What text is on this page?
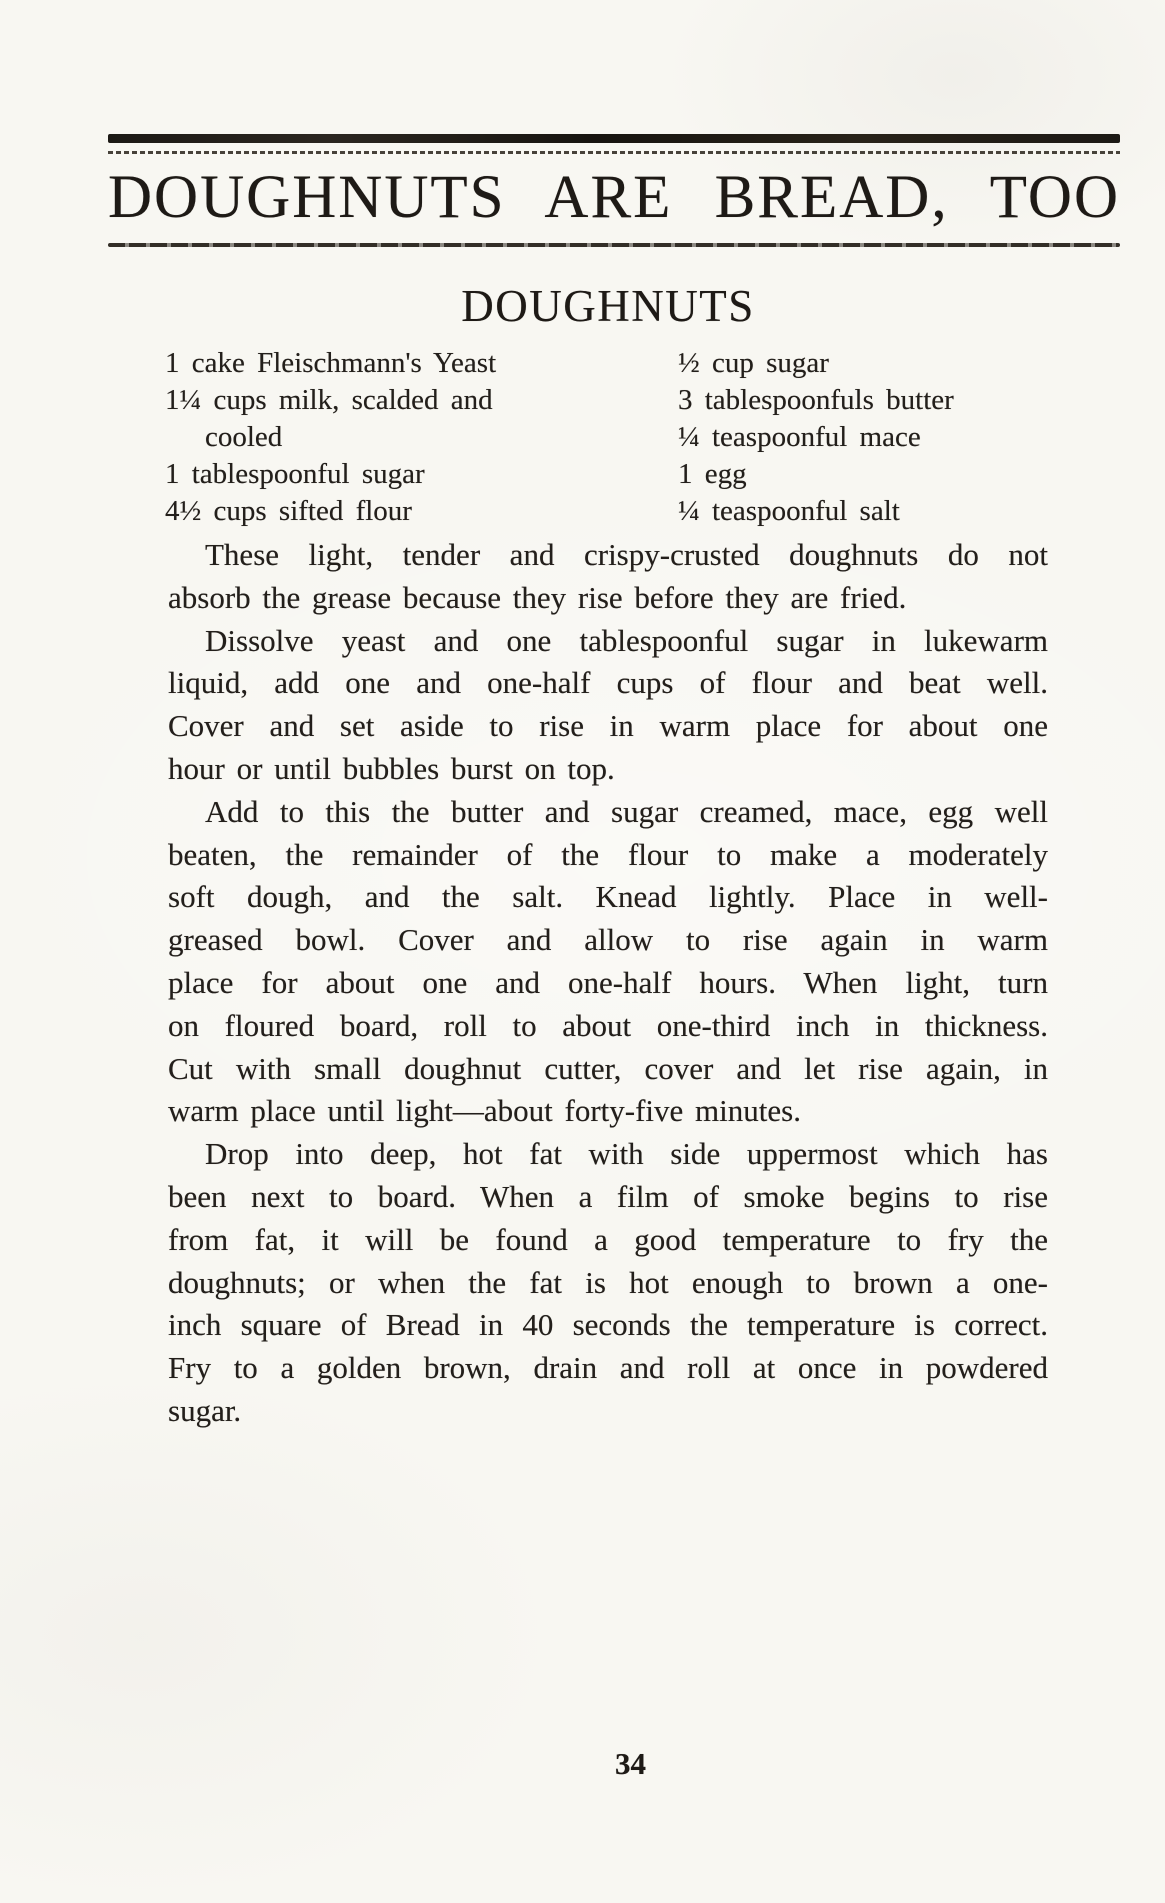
DOUGHNUTS ARE BREAD, TOO
DOUGHNUTS
1 cake Fleischmann's Yeast
1¼ cups milk, scalded and
cooled
1 tablespoonful sugar
4½ cups sifted flour
½ cup sugar
3 tablespoonfuls butter
¼ teaspoonful mace
1 egg
¼ teaspoonful salt
These light, tender and crispy-crusted doughnuts do not
absorb the grease because they rise before they are fried.
Dissolve yeast and one tablespoonful sugar in lukewarm
liquid, add one and one-half cups of flour and beat well.
Cover and set aside to rise in warm place for about one
hour or until bubbles burst on top.
Add to this the butter and sugar creamed, mace, egg well
beaten, the remainder of the flour to make a moderately
soft dough, and the salt. Knead lightly. Place in well-
greased bowl. Cover and allow to rise again in warm
place for about one and one-half hours. When light, turn
on floured board, roll to about one-third inch in thickness.
Cut with small doughnut cutter, cover and let rise again, in
warm place until light—about forty-five minutes.
Drop into deep, hot fat with side uppermost which has
been next to board. When a film of smoke begins to rise
from fat, it will be found a good temperature to fry the
doughnuts; or when the fat is hot enough to brown a one-
inch square of Bread in 40 seconds the temperature is correct.
Fry to a golden brown, drain and roll at once in powdered
sugar.
34
